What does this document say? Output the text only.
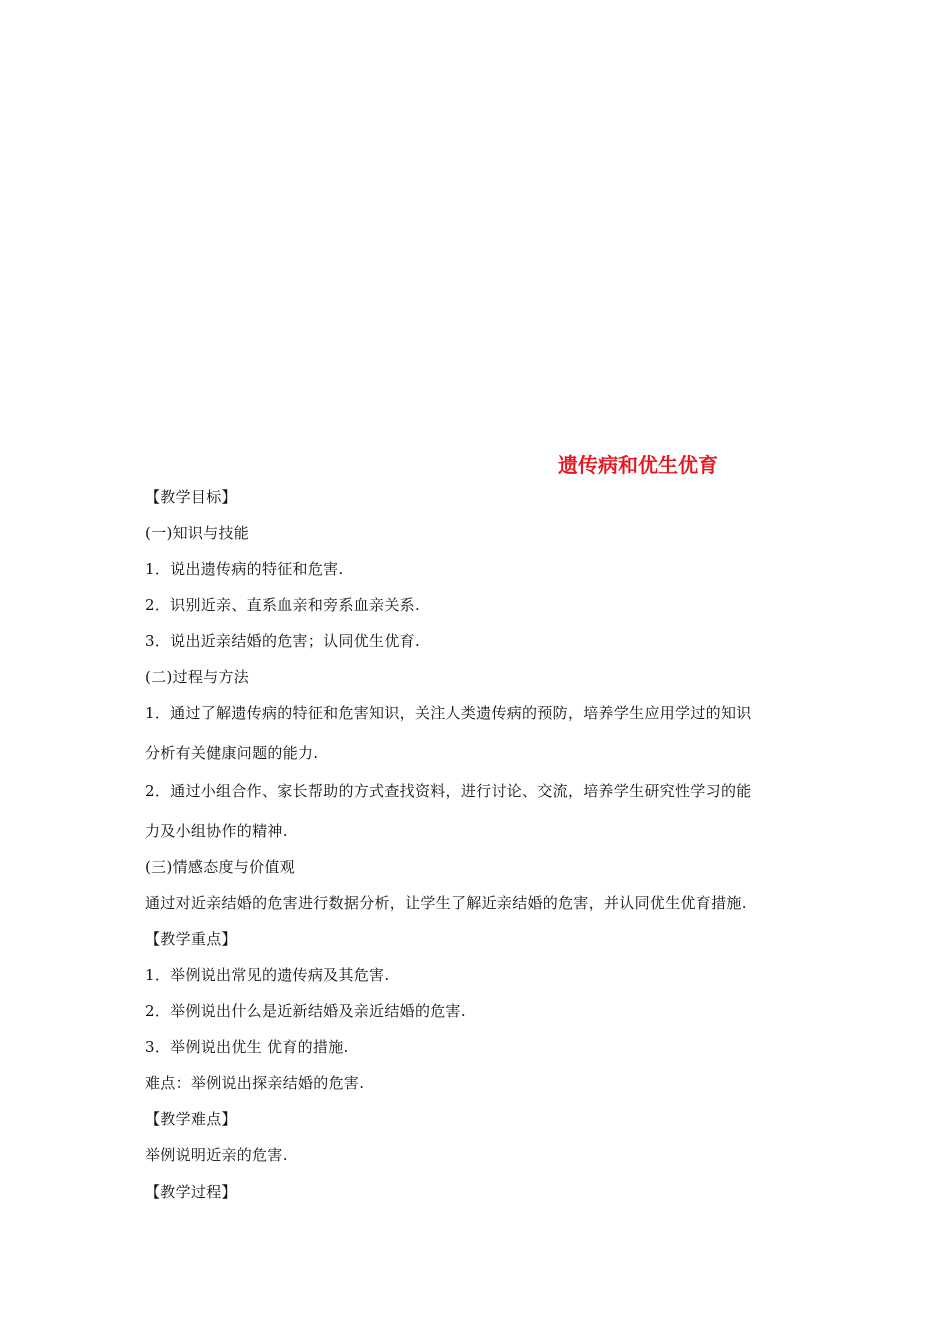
遗传病和优生优育
【教学目标】
(一)知识与技能
1．说出遗传病的特征和危害.
2．识别近亲、直系血亲和旁系血亲关系.
3．说出近亲结婚的危害；认同优生优育.
(二)过程与方法
1．通过了解遗传病的特征和危害知识，关注人类遗传病的预防，培养学生应用学过的知识
分析有关健康问题的能力.
2．通过小组合作、家长帮助的方式查找资料，进行讨论、交流，培养学生研究性学习的能
力及小组协作的精神.
(三)情感态度与价值观
通过对近亲结婚的危害进行数据分析，让学生了解近亲结婚的危害，并认同优生优育措施.
【教学重点】
1．举例说出常见的遗传病及其危害.
2．举例说出什么是近新结婚及亲近结婚的危害.
3．举例说出优生 优育的措施.
难点：举例说出探亲结婚的危害.
【教学难点】
举例说明近亲的危害.
【教学过程】
